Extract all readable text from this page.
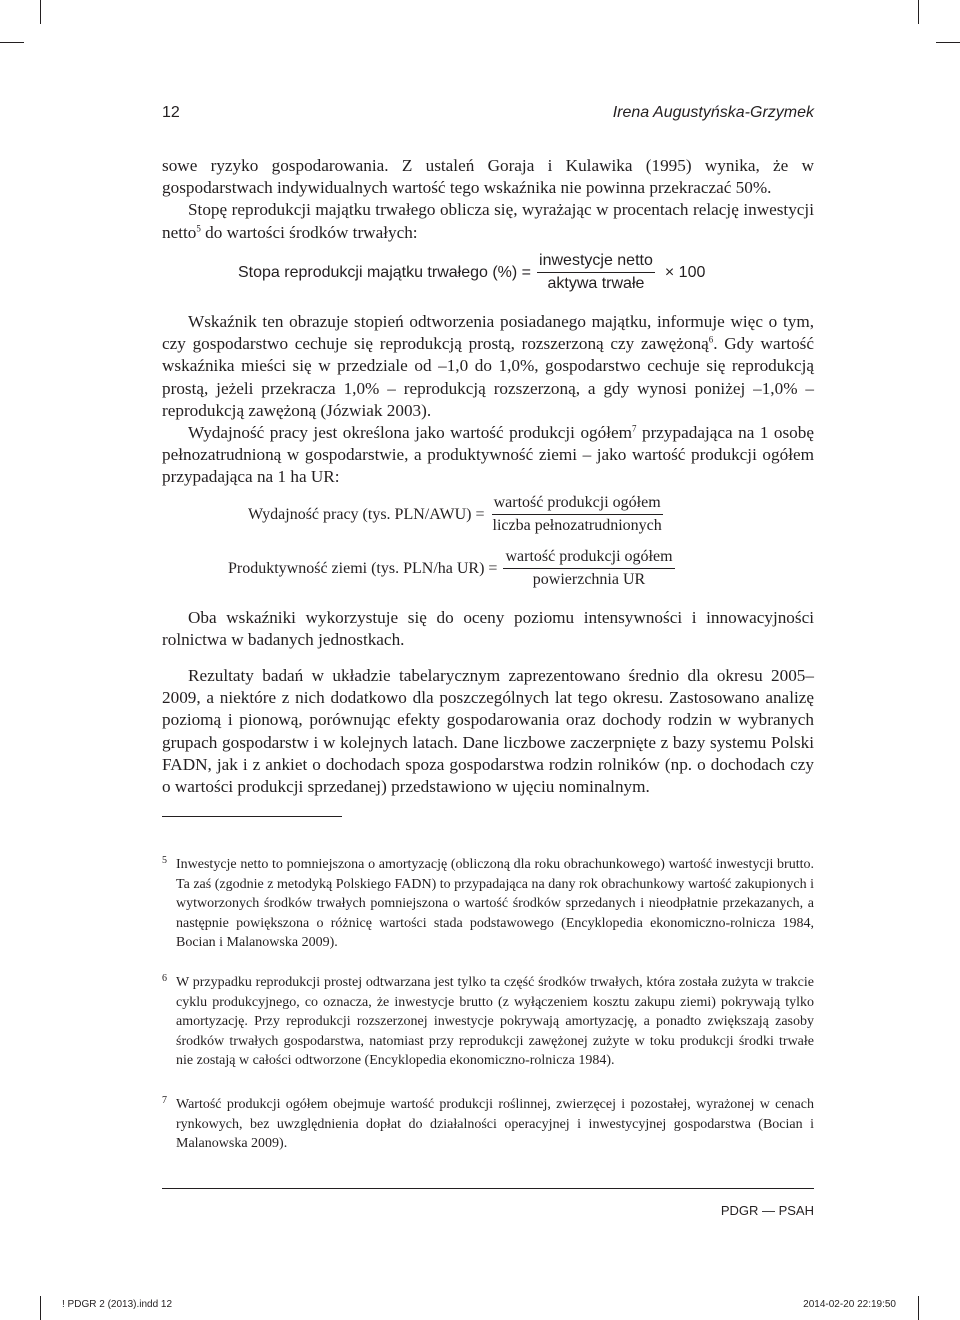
12	Irena Augustyńska-Grzymek

sowe ryzyko gospodarowania. Z ustaleń Goraja i Kulawika (1995) wynika, że w gospodarstwach indywidualnych wartość tego wskaźnika nie powinna przekraczać 50%.

Stopę reprodukcji majątku trwałego oblicza się, wyrażając w procentach relację inwestycji netto$^5$ do wartości środków trwałych:

Stopa reprodukcji majątku trwałego (%) = $\frac{\text{inwestycje netto}}{\text{aktywa trwałe}} \times 100$

Wskaźnik ten obrazuje stopień odtworzenia posiadanego majątku, informuje więc o tym, czy gospodarstwo cechuje się reprodukcją prostą, rozszerzoną czy zawężoną$^6$. Gdy wartość wskaźnika mieści się w przedziale od –1,0 do 1,0%, gospodarstwo cechuje się reprodukcją prostą, jeżeli przekracza 1,0% – reprodukcją rozszerzoną, a gdy wynosi poniżej –1,0% – reprodukcją zawężoną (Józwiak 2003).

Wydajność pracy jest określona jako wartość produkcji ogółem$^7$ przypadająca na 1 osobę pełnozatrudnioną w gospodarstwie, a produktywność ziemi – jako wartość produkcji ogółem przypadająca na 1 ha UR:

Wydajność pracy (tys. $PLN/AWU) = \frac{\text{wartość produkcji ogółem}}{\text{liczba pełnozatrudnionych}}$
Produktywność ziemi (tys. PLN/ha $UR) = \frac{\text{wartość produkcji ogółem}}{\text{powierzchnia UR}}$

Oba wskaźniki wykorzystuje się do oceny poziomu intensywności i innowacyjności rolnictwa w badanych jednostkach.

Rezultaty badań w układzie tabelarycznym zaprezentowano średnio dla okresu 2005–2009, a niektóre z nich dodatkowo dla poszczególnych lat tego okresu. Zastosowano analizę poziomą i pionową, porównując efekty gospodarowania oraz dochody rodzin w wybranych grupach gospodarstw i w kolejnych latach. Dane liczbowe zaczerpnięte z bazy systemu Polski FADN, jak i z ankiet o dochodach spoza gospodarstwa rodzin rolników (np. o dochodach czy o wartości produkcji sprzedanej) przedstawiono w ujęciu nominalnym.

5 Inwestycje netto to pomniejszona o amortyzację (obliczoną dla roku obrachunkowego) wartość inwestycji brutto. Ta zaś (zgodnie z metodyką Polskiego FADN) to przypadająca na dany rok obrachunkowy wartość zakupionych i wytworzonych środków trwałych pomniejszona o wartość środków sprzedanych i nieodpłatnie przekazanych, a następnie powiększona o różnicę wartości stada podstawowego (Encyklopedia ekonomiczno-rolnicza 1984, Bocian i Malanowska 2009).
6 W przypadku reprodukcji prostej odtwarzana jest tylko ta część środków trwałych, która została zużyta w trakcie cyklu produkcyjnego, co oznacza, że inwestycje brutto (z wyłączeniem kosztu zakupu ziemi) pokrywają tylko amortyzację. Przy reprodukcji rozszerzonej inwestycje pokrywają amortyzację, a ponadto zwiększają zasoby środków trwałych gospodarstwa, natomiast przy reprodukcji zawężonej zużyte w toku produkcji środki trwałe nie zostają w całości odtworzone (Encyklopedia ekonomiczno-rolnicza 1984).
7 Wartość produkcji ogółem obejmuje wartość produkcji roślinnej, zwierzęcej i pozostałej, wyrażonej w cenach rynkowych, bez uwzględnienia dopłat do działalności operacyjnej i inwestycyjnej gospodarstwa (Bocian i Malanowska 2009).
PDGR — PSAH
! PDGR 2 (2013).indd 12	2014-02-20 22:19:50
